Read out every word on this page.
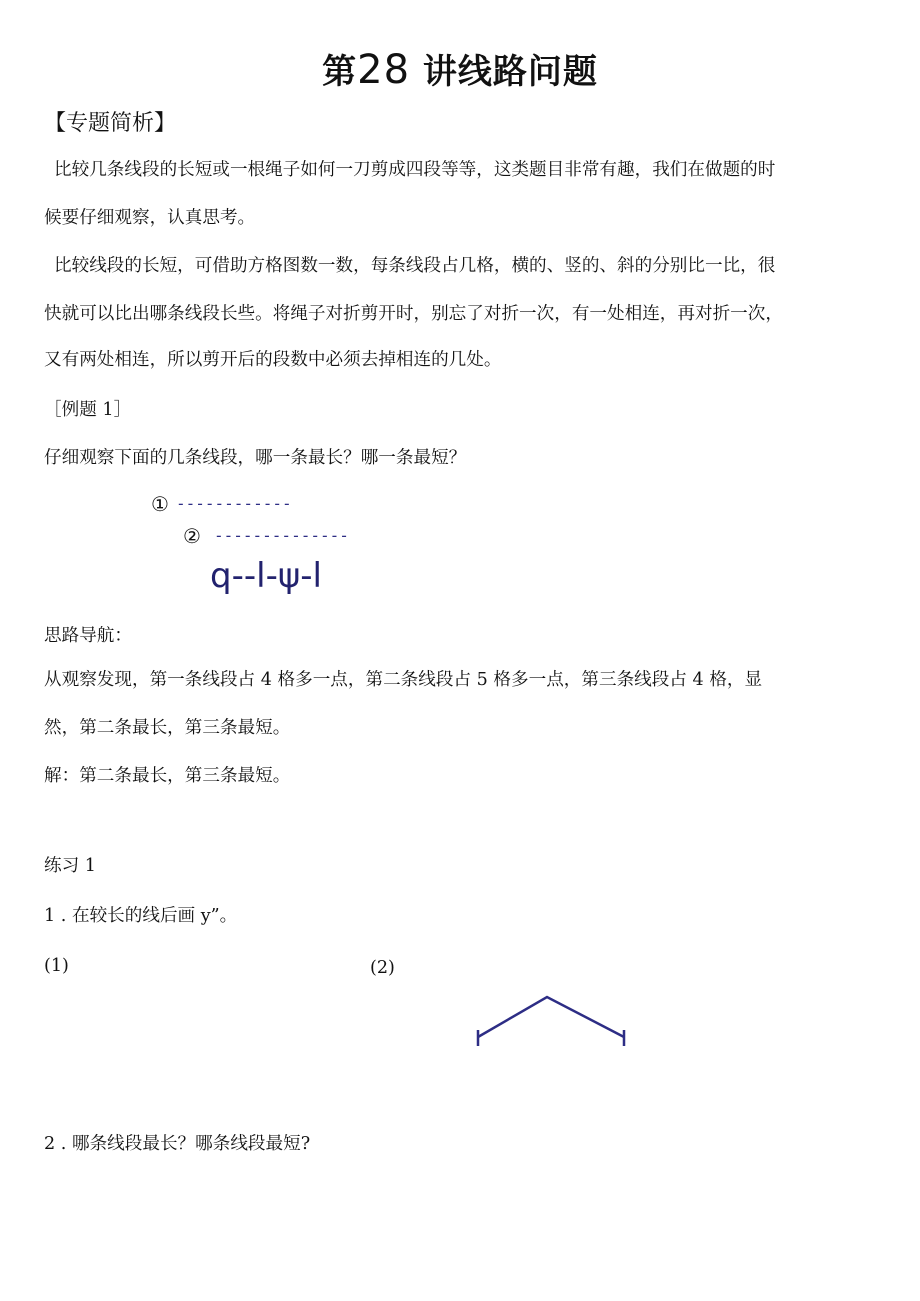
第28 讲线路问题
【专题简析】

比较几条线段的长短或一根绳子如何一刀剪成四段等等，这类题目非常有趣，我们在做题的时

候要仔细观察，认真思考。

比较线段的长短，可借助方格图数一数，每条线段占几格，横的、竖的、斜的分别比一比，很

快就可以比出哪条线段长些。将绳子对折剪开时，别忘了对折一次，有一处相连，再对折一次，

又有两处相连，所以剪开后的段数中必须去掉相连的几处。

［例题 1］

仔细观察下面的几条线段，哪一条最长？哪一条最短？

① ------------
② --------------
q--l-ψ-l

思路导航：

从观察发现，第一条线段占 4 格多一点，第二条线段占 5 格多一点，第三条线段占 4 格，显

然，第二条最长，第三条最短。

解：第二条最长，第三条最短。

练习 1

1 . 在较长的线后画 y”。

(1)	(2)

2 . 哪条线段最长？哪条线段最短?
